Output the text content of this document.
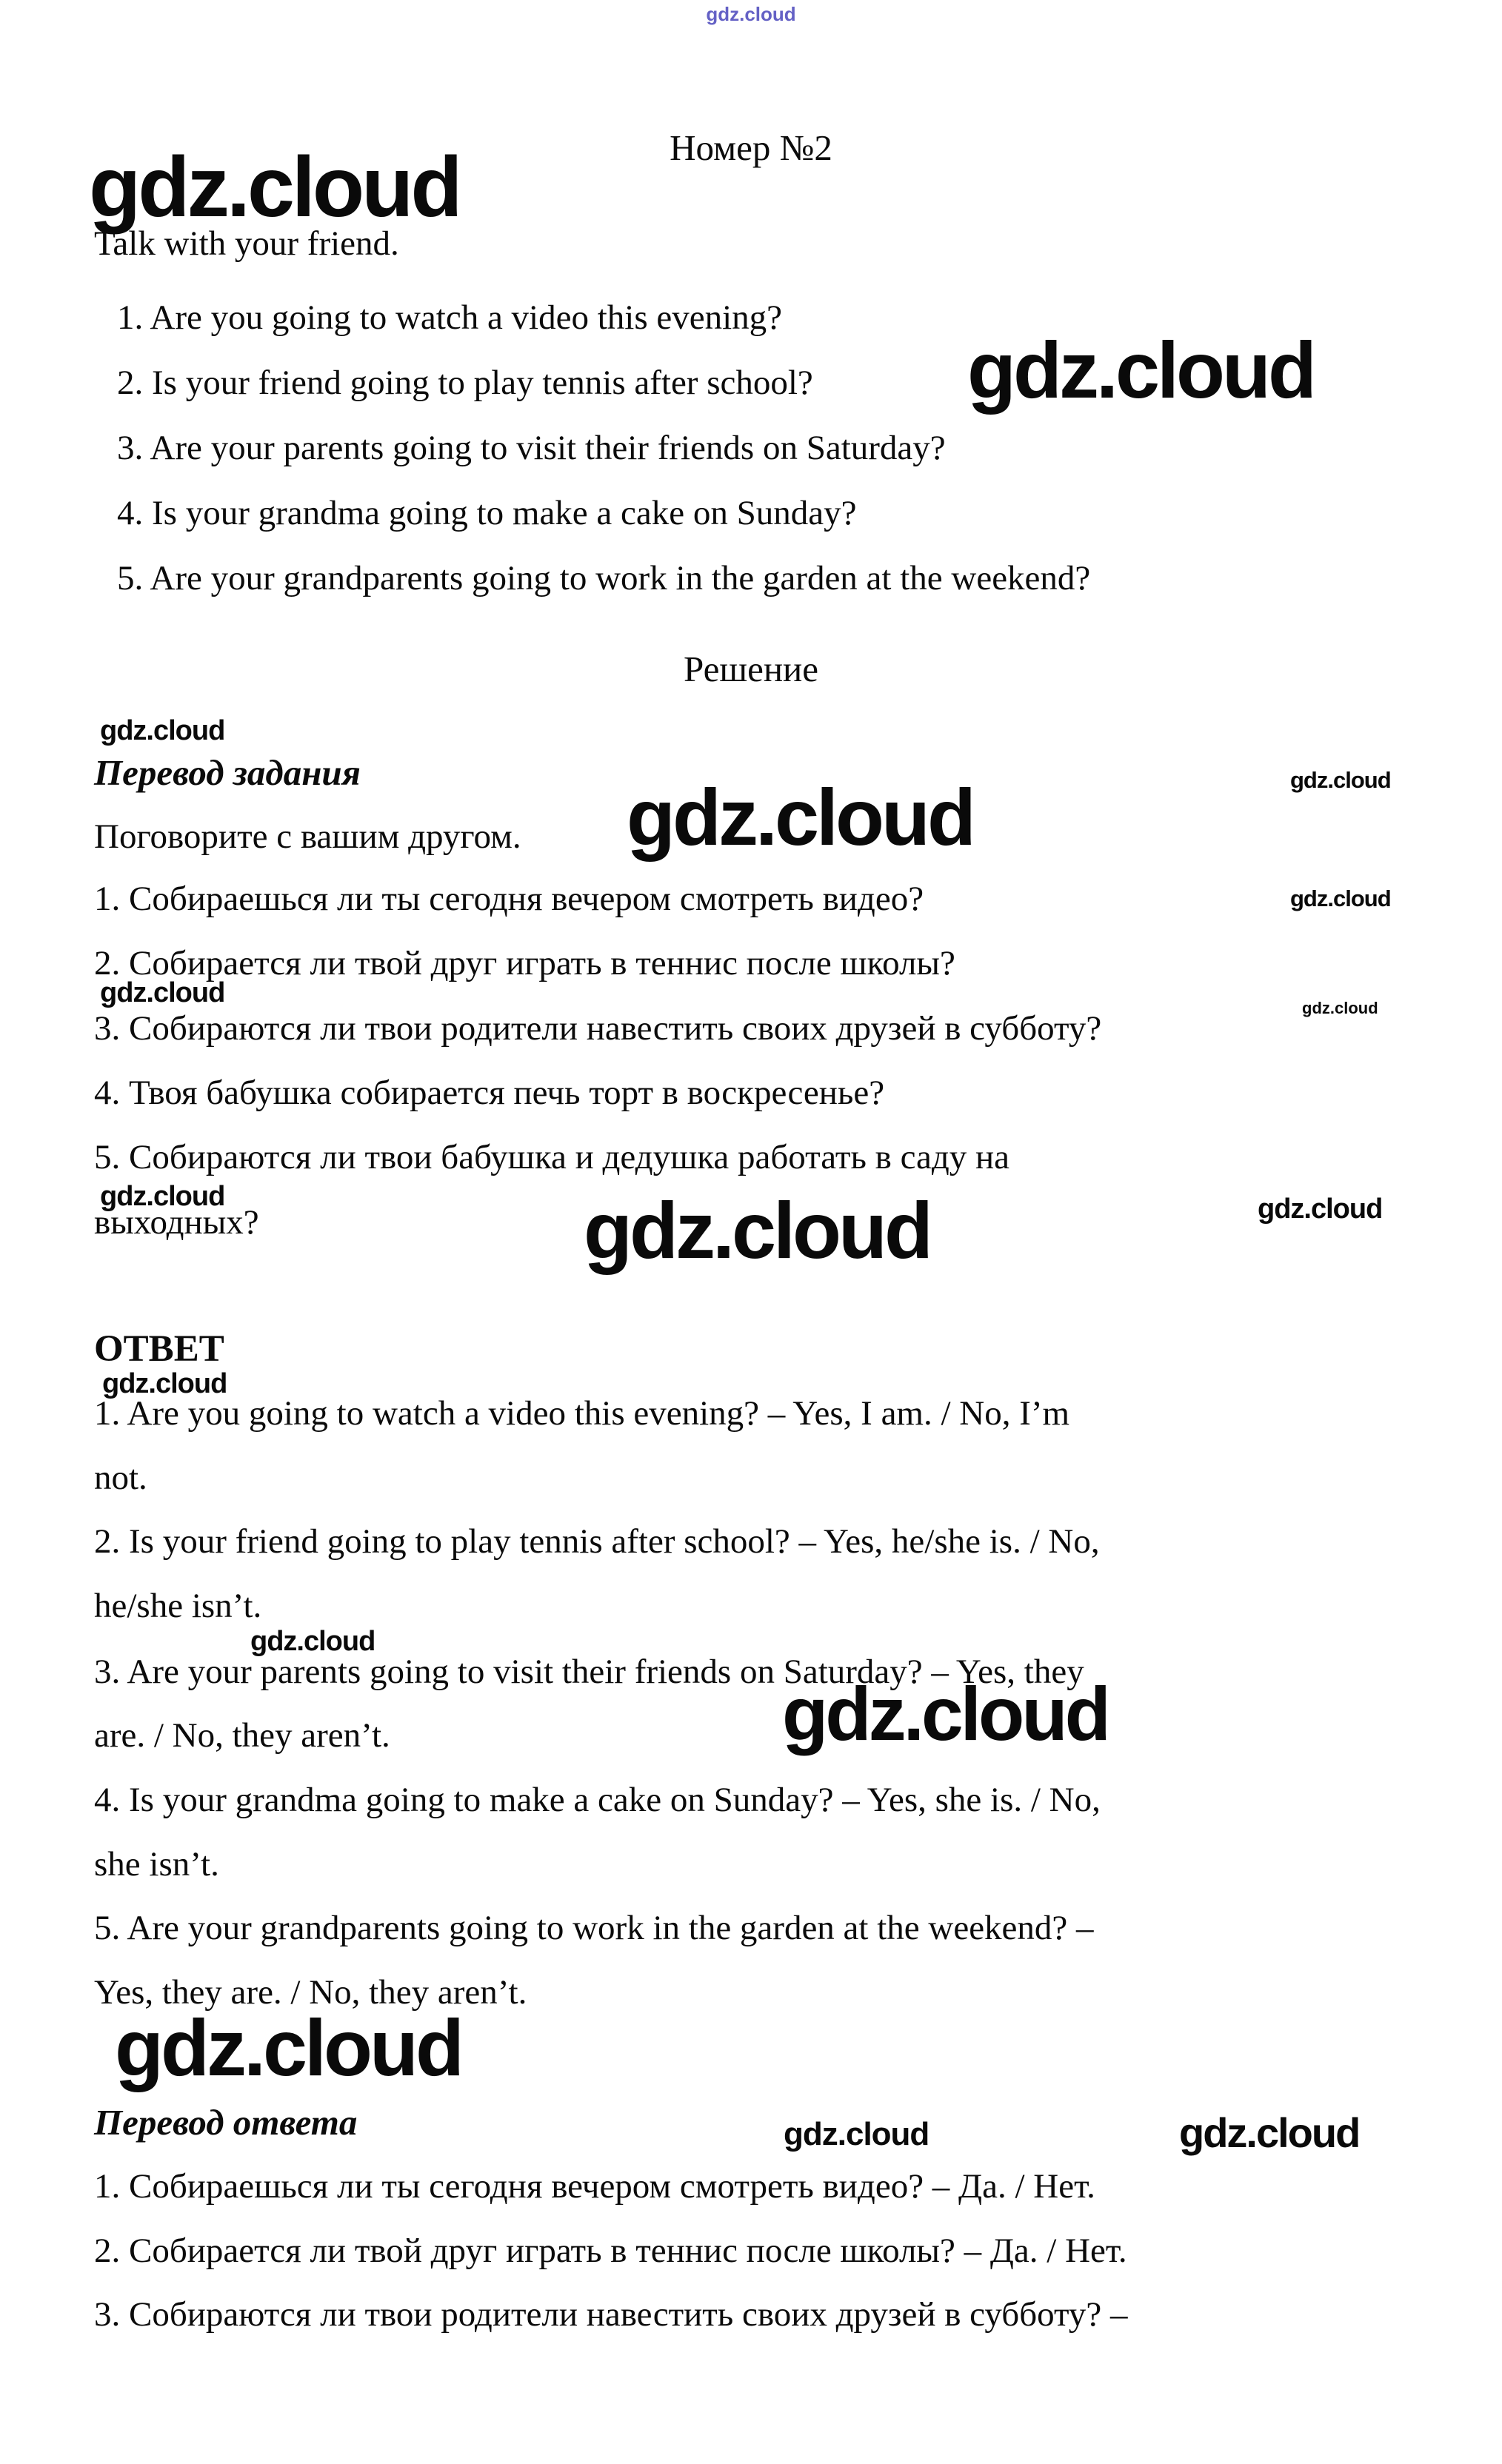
gdz.cloud
Номер №2
gdz.cloud
Talk with your friend.
1. Are you going to watch a video this evening?
2. Is your friend going to play tennis after school? gdz.cloud
3. Are your parents going to visit their friends on Saturday?
4. Is your grandma going to make a cake on Sunday?
5. Are your grandparents going to work in the garden at the weekend?
Решение
gdz.cloud
Перевод задания	gdz.cloud
Поговорите с вашим другом. gdz.cloud
1. Собираешься ли ты сегодня вечером смотреть видео?	gdz.cloud
2. Собирается ли твой друг играть в теннис после школы?
gdz.cloud
3. Собираются ли твои родители навестить своих друзей в субботу?
gdz.cloud
4. Твоя бабушка собирается печь торт в воскресенье?
5. Собираются ли твои бабушка и дедушка работать в саду на
gdz.cloud
выходных?	gdz.cloud	gdz.cloud
ОТВЕТ
gdz.cloud
1. Are you going to watch a video this evening? – Yes, I am. / No, I’m
not.
2. Is your friend going to play tennis after school? – Yes, he/she is. / No,
he/she isn’t.
gdz.cloud
3. Are your parents going to visit their friends on Saturday? – Yes, they
are. / No, they aren’t.	gdz.cloud
4. Is your grandma going to make a cake on Sunday? – Yes, she is. / No,
she isn’t.
5. Are your grandparents going to work in the garden at the weekend? –
Yes, they are. / No, they aren’t.
gdz.cloud
Перевод ответа	gdz.cloud	gdz.cloud
1. Собираешься ли ты сегодня вечером смотреть видео? – Да. / Нет.
2. Собирается ли твой друг играть в теннис после школы? – Да. / Нет.
3. Собираются ли твои родители навестить своих друзей в субботу? –
